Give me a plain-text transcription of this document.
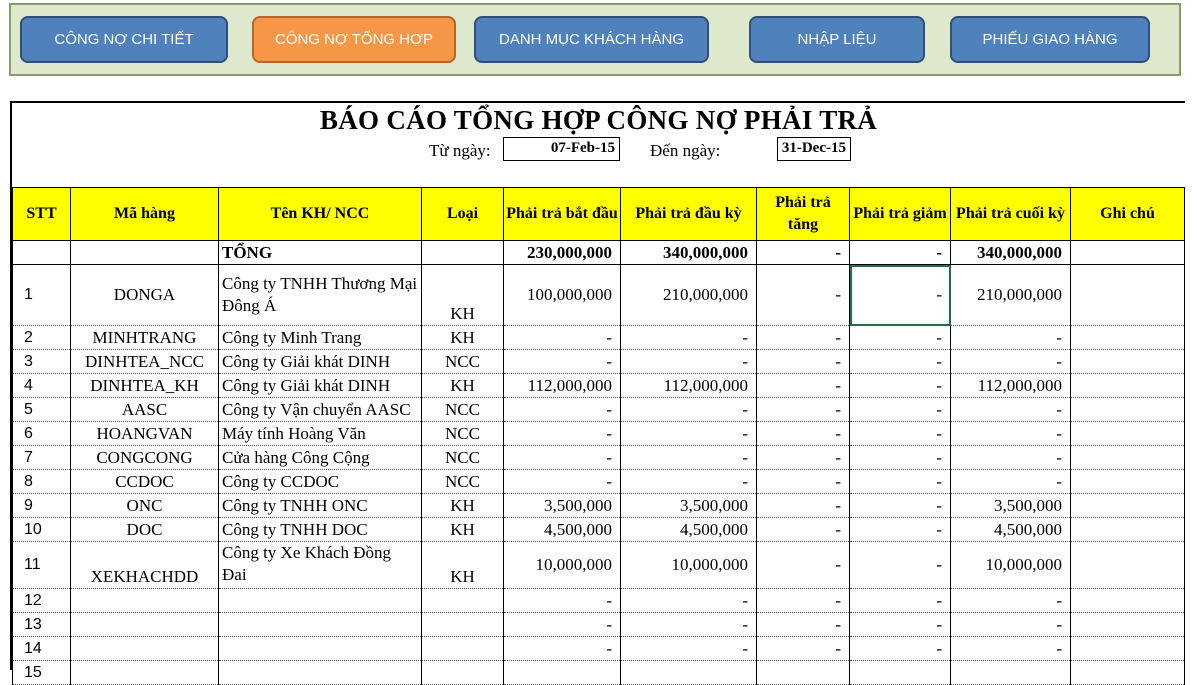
CÔNG NỢ CHI TIẾT	CÔNG NỢ TỔNG HỢP	DANH MỤC KHÁCH HÀNG	NHẬP LIỆU	PHIẾU GIAO HÀNG
BÁO CÁO TỔNG HỢP CÔNG NỢ PHẢI TRẢ
Từ ngày:	07-Feb-15 Đến ngày:	31-Dec-15
STT	Mã hàng	Tên KH/ NCC	Loại	Phải trả bắt đầu	Phải trả đầu kỳ	Phải trả tăng	Phải trả giảm	Phải trả cuối kỳ	Ghi chú
		TỔNG		230,000,000	340,000,000	-	-	340,000,000	
1	DONGA	Công ty TNHH Thương Mại Đông Á	KH	100,000,000	210,000,000	-	-	210,000,000	
2	MINHTRANG	Công ty Minh Trang	KH	-	-	-	-	-	
3	DINHTEA_NCC	Công ty Giải khát DINH	NCC	-	-	-	-	-	
4	DINHTEA_KH	Công ty Giải khát DINH	KH	112,000,000	112,000,000	-	-	112,000,000	
5	AASC	Công ty Vận chuyển AASC	NCC	-	-	-	-	-	
6	HOANGVAN	Máy tính Hoàng Văn	NCC	-	-	-	-	-	
7	CONGCONG	Cửa hàng Công Cộng	NCC	-	-	-	-	-	
8	CCDOC	Công ty CCDOC	NCC	-	-	-	-	-	
9	ONC	Công ty TNHH ONC	KH	3,500,000	3,500,000	-	-	3,500,000	
10	DOC	Công ty TNHH DOC	KH	4,500,000	4,500,000	-	-	4,500,000	
11	XEKHACHDD	Công ty Xe Khách Đồng Đai	KH	10,000,000	10,000,000	-	-	10,000,000	
12				-	-	-	-	-	
13				-	-	-	-	-	
14				-	-	-	-	-	
15									
